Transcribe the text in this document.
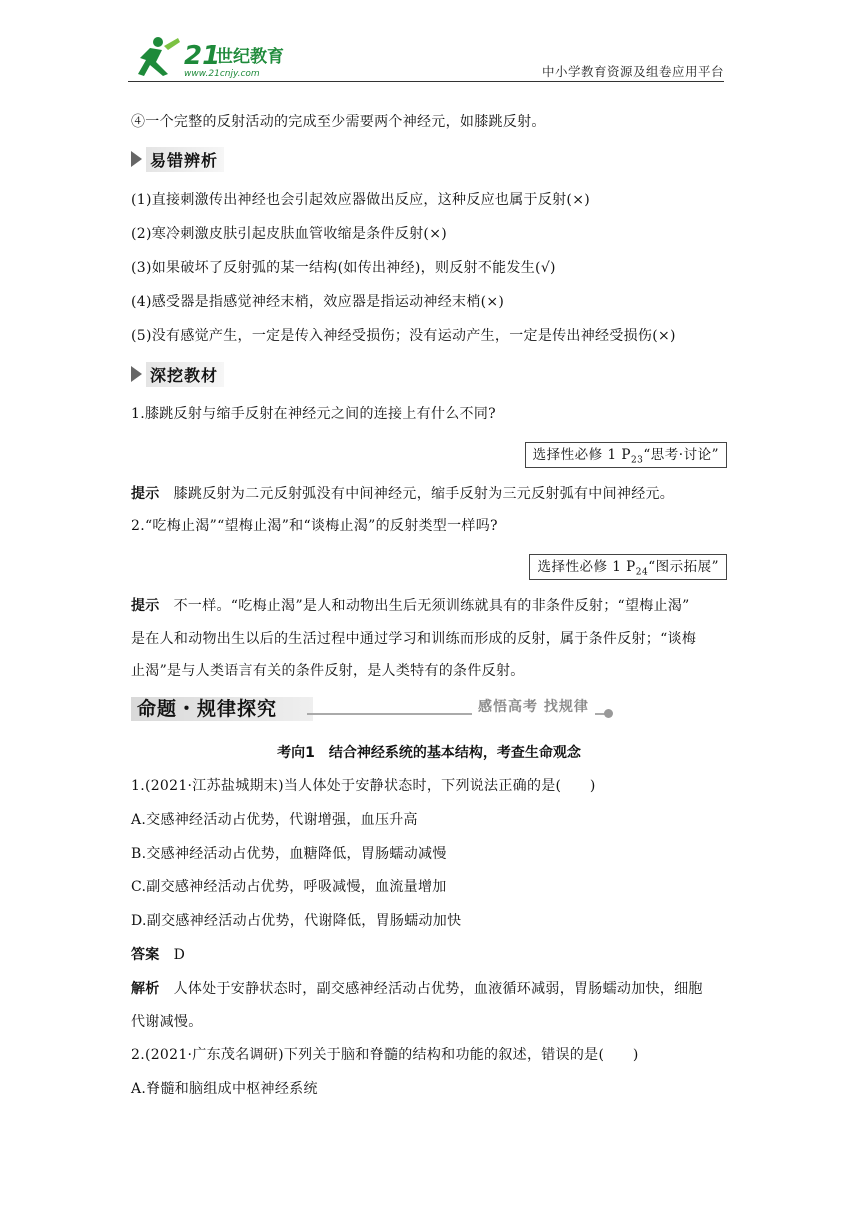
21
世纪教育
www.21cnjy.com	中小学教育资源及组卷应用平台
④一个完整的反射活动的完成至少需要两个神经元，如膝跳反射。
易错辨析
(1)直接刺激传出神经也会引起效应器做出反应，这种反应也属于反射(×)
(2)寒冷刺激皮肤引起皮肤血管收缩是条件反射(×)
(3)如果破坏了反射弧的某一结构(如传出神经)，则反射不能发生(√)
(4)感受器是指感觉神经末梢，效应器是指运动神经末梢(×)
(5)没有感觉产生，一定是传入神经受损伤；没有运动产生，一定是传出神经受损伤(×)
深挖教材
1.膝跳反射与缩手反射在神经元之间的连接上有什么不同?
选择性必修 1 $P_{23}“$思考·讨论”
提示 膝跳反射为二元反射弧没有中间神经元，缩手反射为三元反射弧有中间神经元。
2.“吃梅止渴”“望梅止渴”和“谈梅止渴”的反射类型一样吗?
选择性必修 1 $P_{24}“$图示拓展”
提示 不一样。“吃梅止渴”是人和动物出生后无须训练就具有的非条件反射；“望梅止渴”
是在人和动物出生以后的生活过程中通过学习和训练而形成的反射，属于条件反射；“谈梅
止渴”是与人类语言有关的条件反射，是人类特有的条件反射。
命题・规律探究	感悟高考 找规律
考向1　结合神经系统的基本结构，考查生命观念
1.(2021·江苏盐城期末)当人体处于安静状态时，下列说法正确的是(　　)
A.交感神经活动占优势，代谢增强，血压升高
B.交感神经活动占优势，血糖降低，胃肠蠕动减慢
C.副交感神经活动占优势，呼吸减慢，血流量增加
D.副交感神经活动占优势，代谢降低，胃肠蠕动加快
答案 D
解析 人体处于安静状态时，副交感神经活动占优势，血液循环减弱，胃肠蠕动加快，细胞
代谢减慢。
2.(2021·广东茂名调研)下列关于脑和脊髓的结构和功能的叙述，错误的是(　　)
A.脊髓和脑组成中枢神经系统
